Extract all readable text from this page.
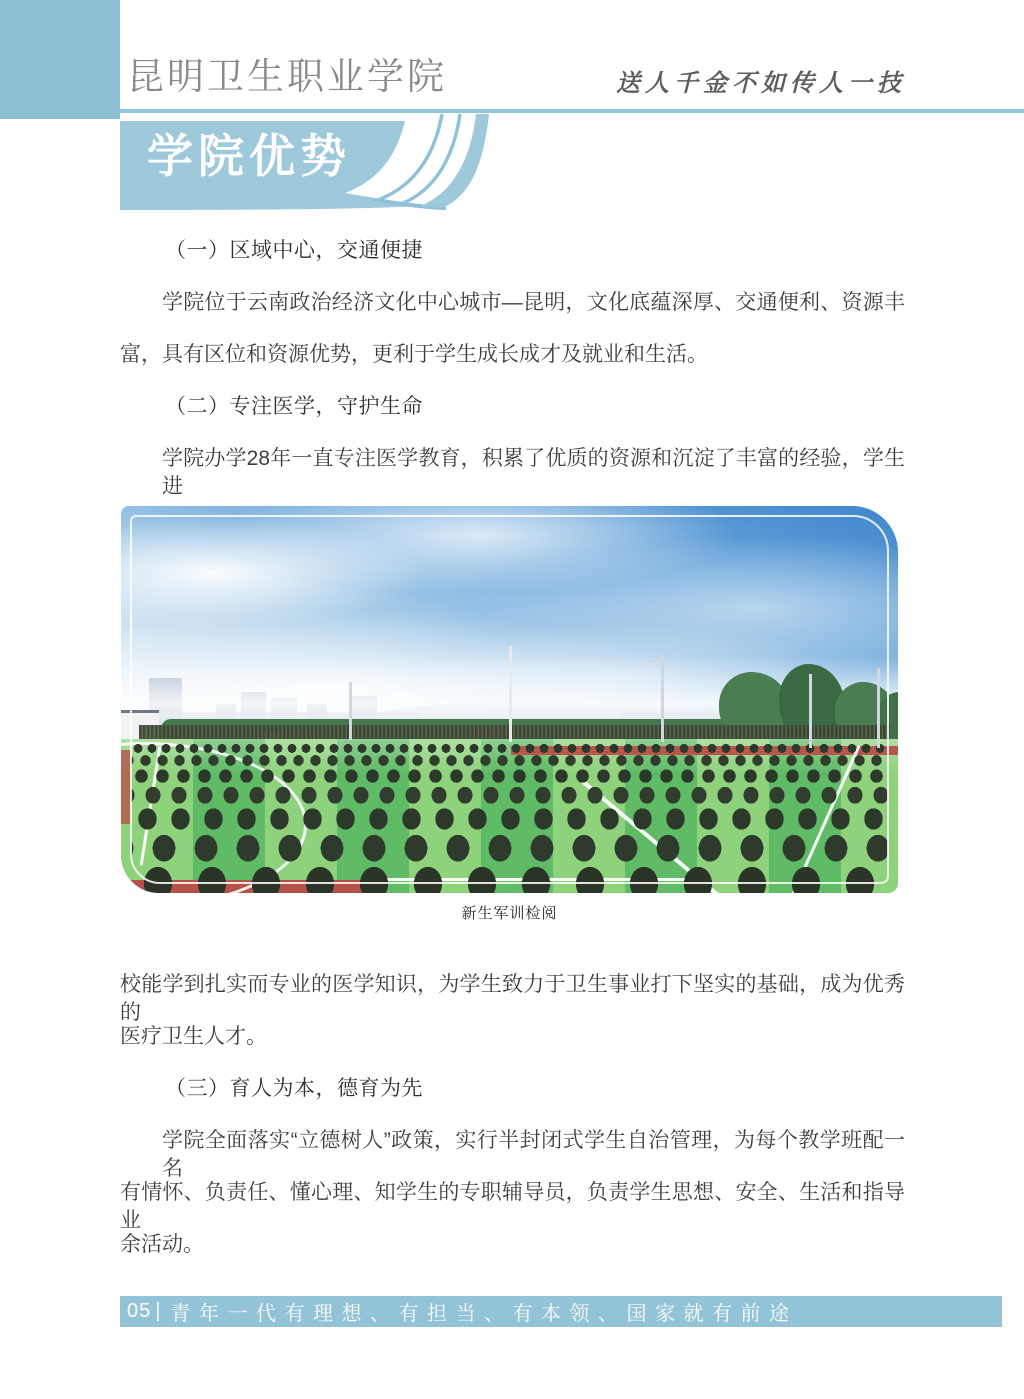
昆明卫生职业学院	送人千金不如传人一技
学院优势
（一）区域中心，交通便捷
学院位于云南政治经济文化中心城市—昆明，文化底蕴深厚、交通便利、资源丰
富，具有区位和资源优势，更利于学生成长成才及就业和生活。
（二）专注医学，守护生命
学院办学28年一直专注医学教育，积累了优质的资源和沉淀了丰富的经验，学生进
新生军训检阅
校能学到扎实而专业的医学知识，为学生致力于卫生事业打下坚实的基础，成为优秀的
医疗卫生人才。
（三）育人为本，德育为先
学院全面落实“立德树人”政策，实行半封闭式学生自治管理，为每个教学班配一名
有情怀、负责任、懂心理、知学生的专职辅导员，负责学生思想、安全、生活和指导业
余活动。
05 | 青年一代有理想、有担当、有本领、国家就有前途
